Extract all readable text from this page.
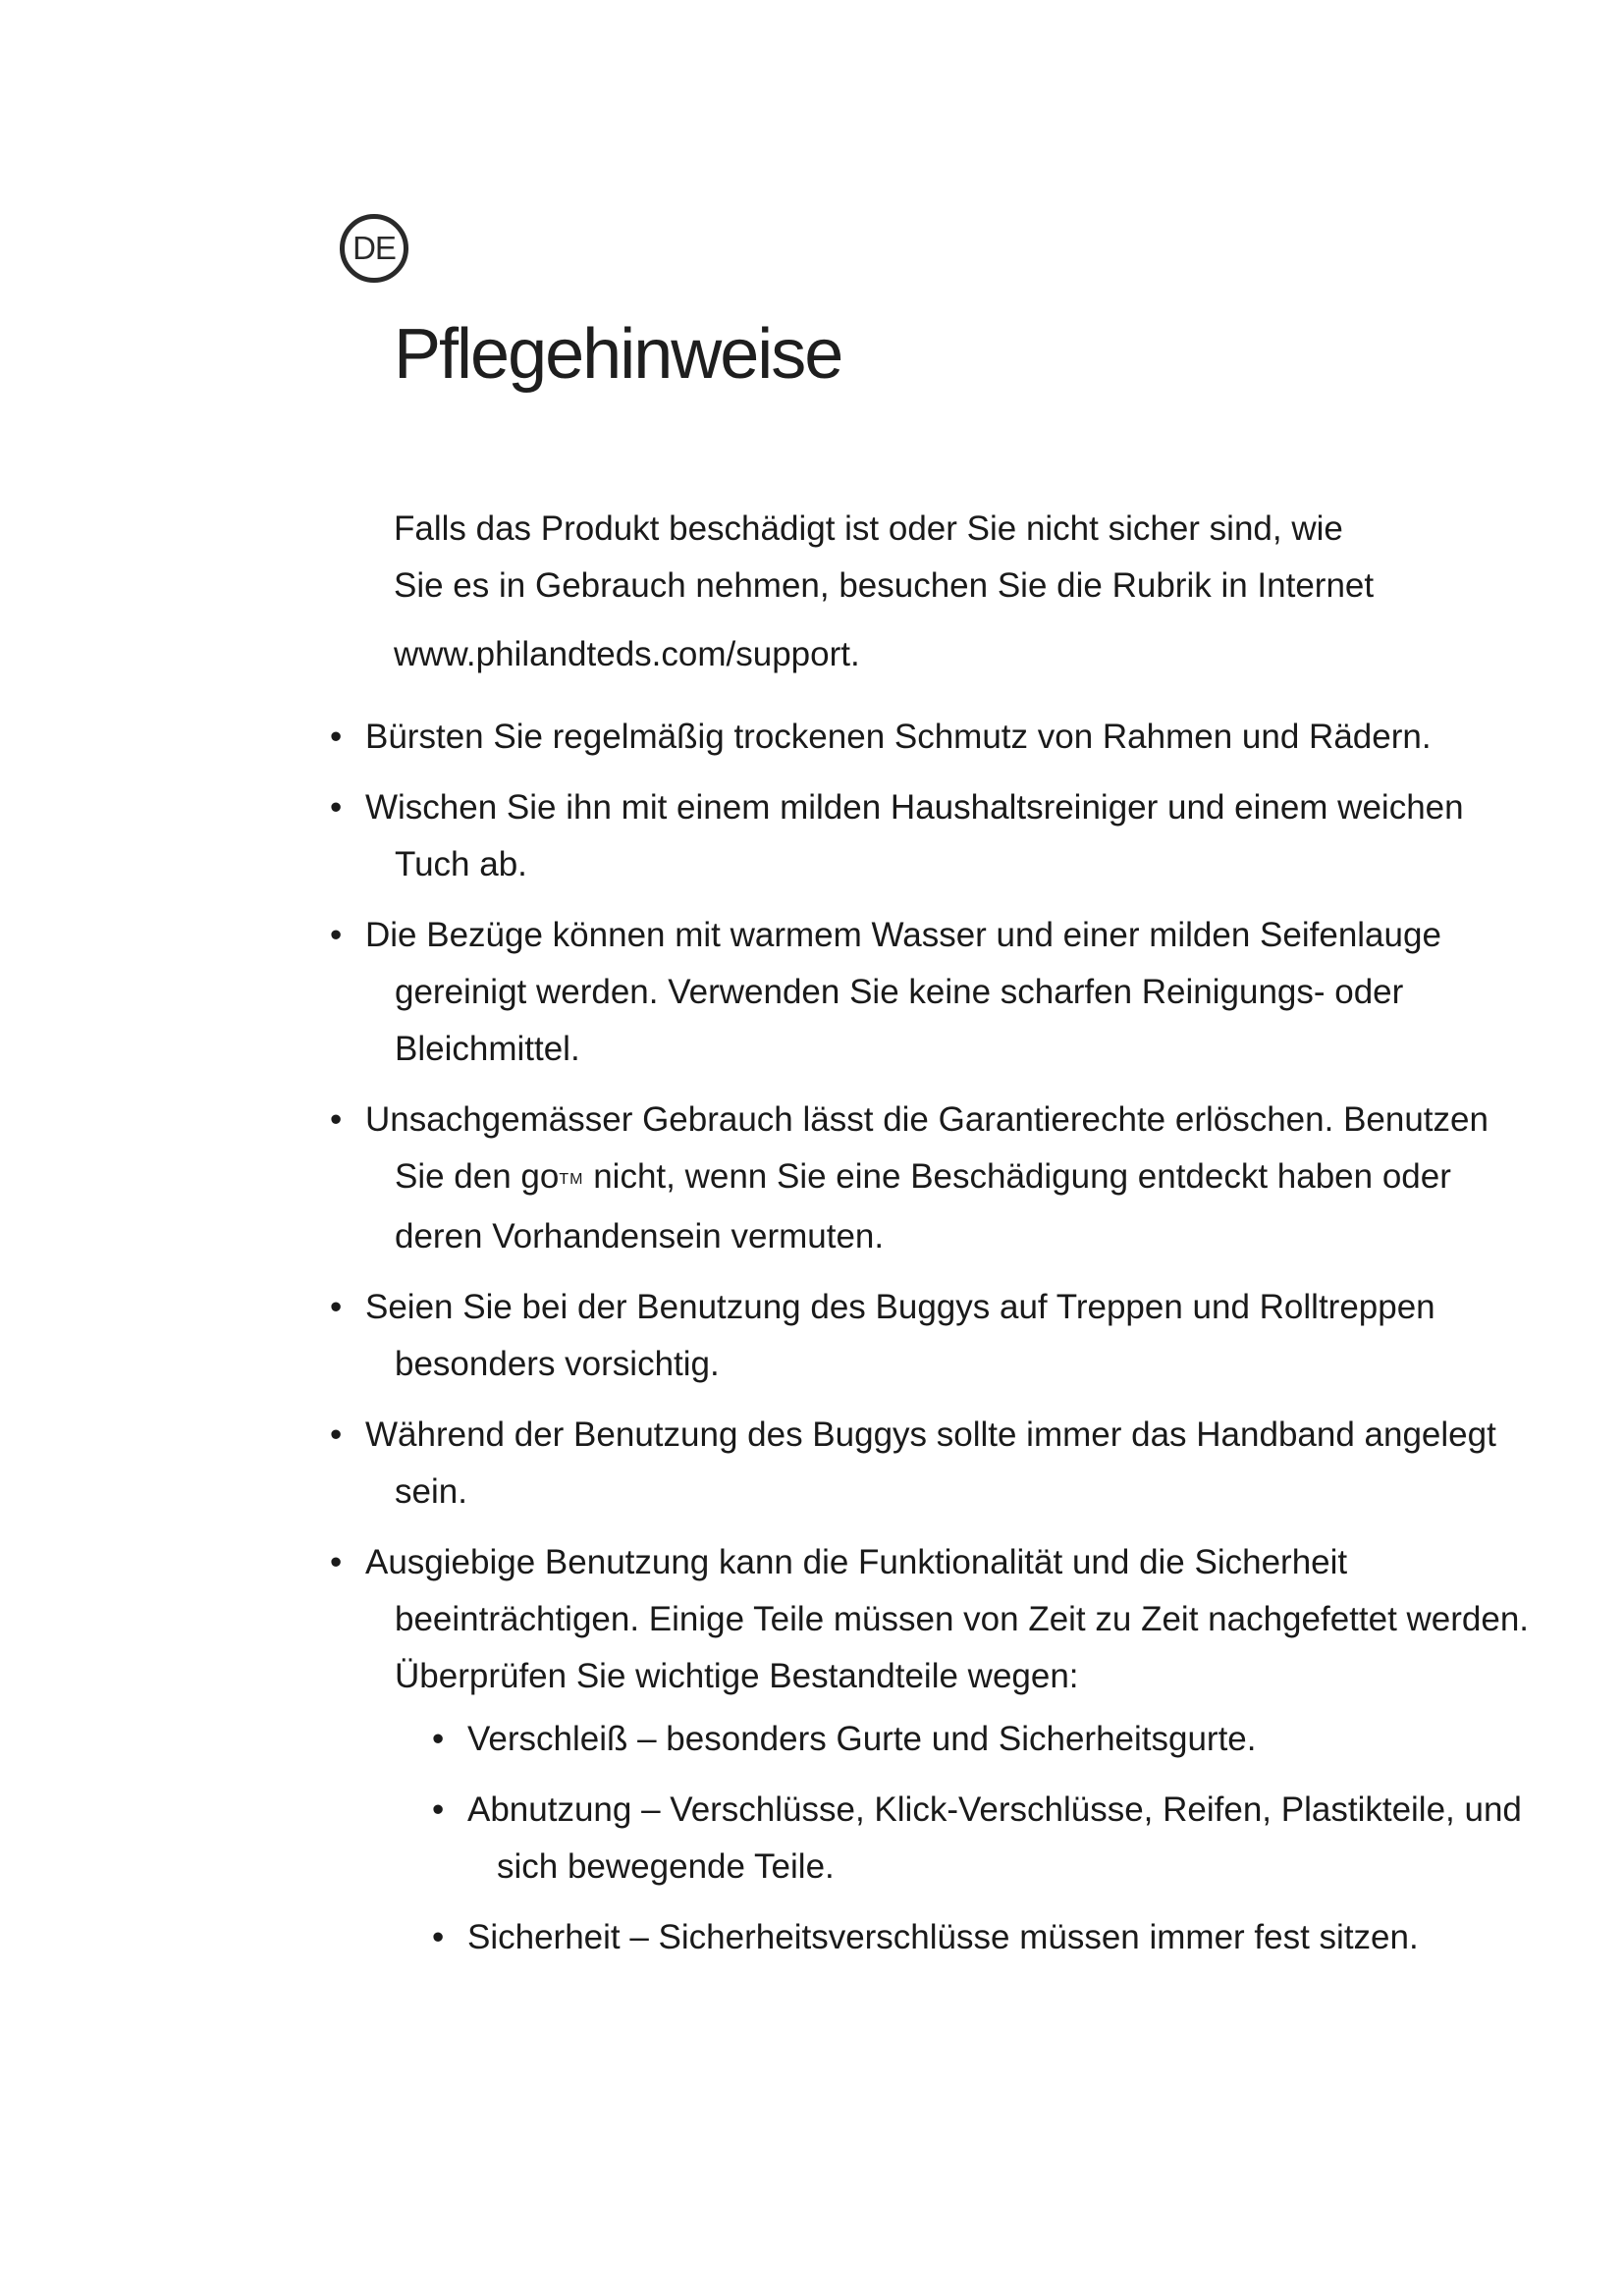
DE
Pflegehinweise
Falls das Produkt beschädigt ist oder Sie nicht sicher sind, wie
Sie es in Gebrauch nehmen, besuchen Sie die Rubrik in Internet
www.philandteds.com/support.
• Bürsten Sie regelmäßig trockenen Schmutz von Rahmen und Rädern.
• Wischen Sie ihn mit einem milden Haushaltsreiniger und einem weichen Tuch ab.
• Die Bezüge können mit warmem Wasser und einer milden Seifenlauge gereinigt werden. Verwenden Sie keine scharfen Reinigungs- oder Bleichmittel.
• Unsachgemässer Gebrauch lässt die Garantierechte erlöschen. Benutzen Sie den goTM nicht, wenn Sie eine Beschädigung entdeckt haben oder deren Vorhandensein vermuten.
• Seien Sie bei der Benutzung des Buggys auf Treppen und Rolltreppen besonders vorsichtig.
• Während der Benutzung des Buggys sollte immer das Handband angelegt sein.
• Ausgiebige Benutzung kann die Funktionalität und die Sicherheit beeinträchtigen. Einige Teile müssen von Zeit zu Zeit nachgefettet werden. Überprüfen Sie wichtige Bestandteile wegen:
• Verschleiß – besonders Gurte und Sicherheitsgurte.
• Abnutzung – Verschlüsse, Klick-Verschlüsse, Reifen, Plastikteile, und sich bewegende Teile.
• Sicherheit – Sicherheitsverschlüsse müssen immer fest sitzen.
